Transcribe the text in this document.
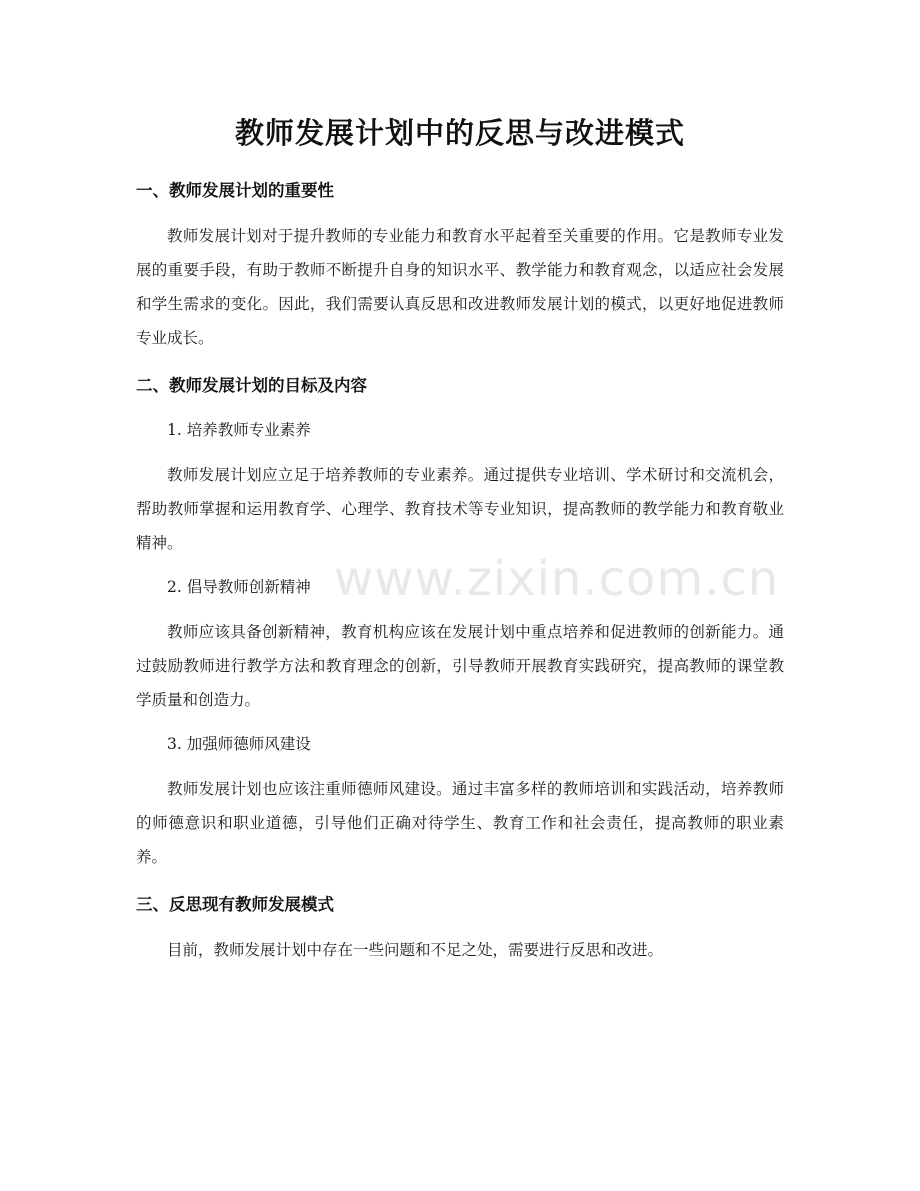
教师发展计划中的反思与改进模式
一、教师发展计划的重要性

教师发展计划对于提升教师的专业能力和教育水平起着至关重要的作用。它是教师专业发展的重要手段，有助于教师不断提升自身的知识水平、教学能力和教育观念，以适应社会发展和学生需求的变化。因此，我们需要认真反思和改进教师发展计划的模式，以更好地促进教师专业成长。

二、教师发展计划的目标及内容
1. 培养教师专业素养

教师发展计划应立足于培养教师的专业素养。通过提供专业培训、学术研讨和交流机会，帮助教师掌握和运用教育学、心理学、教育技术等专业知识，提高教师的教学能力和教育敬业精神。

2. 倡导教师创新精神

教师应该具备创新精神，教育机构应该在发展计划中重点培养和促进教师的创新能力。通过鼓励教师进行教学方法和教育理念的创新，引导教师开展教育实践研究，提高教师的课堂教学质量和创造力。

3. 加强师德师风建设

教师发展计划也应该注重师德师风建设。通过丰富多样的教师培训和实践活动，培养教师的师德意识和职业道德，引导他们正确对待学生、教育工作和社会责任，提高教师的职业素养。

三、反思现有教师发展模式

目前，教师发展计划中存在一些问题和不足之处，需要进行反思和改进。

www.zixin.com.cn
